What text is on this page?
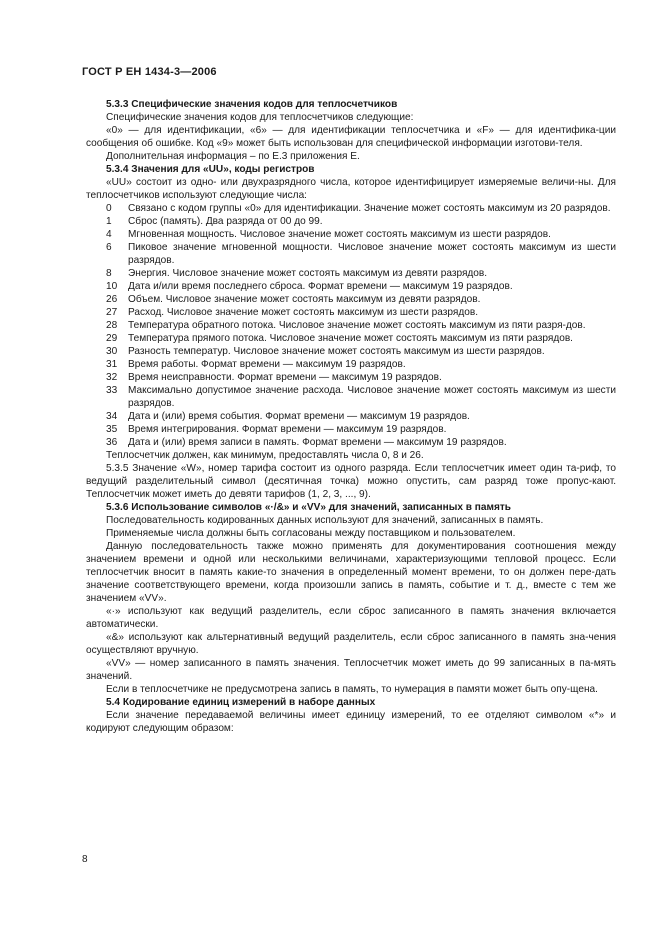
ГОСТ Р ЕН 1434-3—2006

5.3.3 Специфические значения кодов для теплосчетчиков

Специфические значения кодов для теплосчетчиков следующие:

«0» — для идентификации, «6» — для идентификации теплосчетчика и «F» — для идентифика-ции сообщения об ошибке. Код «9» может быть использован для специфической информации изготови-теля.

Дополнительная информация – по Е.3 приложения Е.

5.3.4 Значения для «UU», коды регистров

«UU» состоит из одно- или двухразрядного числа, которое идентифицирует измеряемые величи-ны. Для теплосчетчиков используют следующие числа:

0	Связано с кодом группы «0» для идентификации. Значение может состоять максимум из 20 разрядов.
1	Сброс (память). Два разряда от 00 до 99.
4	Мгновенная мощность. Числовое значение может состоять максимум из шести разрядов.
6	Пиковое значение мгновенной мощности. Числовое значение может состоять максимум из шести разрядов.
8	Энергия. Числовое значение может состоять максимум из девяти разрядов.
10	Дата и/или время последнего сброса. Формат времени — максимум 19 разрядов.
26	Объем. Числовое значение может состоять максимум из девяти разрядов.
27	Расход. Числовое значение может состоять максимум из шести разрядов.
28	Температура обратного потока. Числовое значение может состоять максимум из пяти разря-дов.
29	Температура прямого потока. Числовое значение может состоять максимум из пяти разрядов.
30	Разность температур. Числовое значение может состоять максимум из шести разрядов.
31	Время работы. Формат времени — максимум 19 разрядов.
32	Время неисправности. Формат времени — максимум 19 разрядов.
33	Максимально допустимое значение расхода. Числовое значение может состоять максимум из шести разрядов.
34	Дата и (или) время события. Формат времени — максимум 19 разрядов.
35	Время интегрирования. Формат времени — максимум 19 разрядов.
36	Дата и (или) время записи в память. Формат времени — максимум 19 разрядов.

Теплосчетчик должен, как минимум, предоставлять числа 0, 8 и 26.

5.3.5 Значение «W», номер тарифа состоит из одного разряда. Если теплосчетчик имеет один та-риф, то ведущий разделительный символ (десятичная точка) можно опустить, сам разряд тоже пропус-кают. Теплосчетчик может иметь до девяти тарифов (1, 2, 3, ..., 9).

5.3.6 Использование символов «·/&» и «VV» для значений, записанных в память

Последовательность кодированных данных используют для значений, записанных в память.

Применяемые числа должны быть согласованы между поставщиком и пользователем.

Данную последовательность также можно применять для документирования соотношения между значением времени и одной или несколькими величинами, характеризующими тепловой процесс. Если теплосчетчик вносит в память какие-то значения в определенный момент времени, то он должен пере-дать значение соответствующего времени, когда произошли запись в память, событие и т. д., вместе с тем же значением «VV».

«·» используют как ведущий разделитель, если сброс записанного в память значения включается автоматически.

«&» используют как альтернативный ведущий разделитель, если сброс записанного в память зна-чения осуществляют вручную.

«VV» — номер записанного в память значения. Теплосчетчик может иметь до 99 записанных в па-мять значений.

Если в теплосчетчике не предусмотрена запись в память, то нумерация в памяти может быть опу-щена.

5.4 Кодирование единиц измерений в наборе данных

Если значение передаваемой величины имеет единицу измерений, то ее отделяют символом «*» и кодируют следующим образом:

8
